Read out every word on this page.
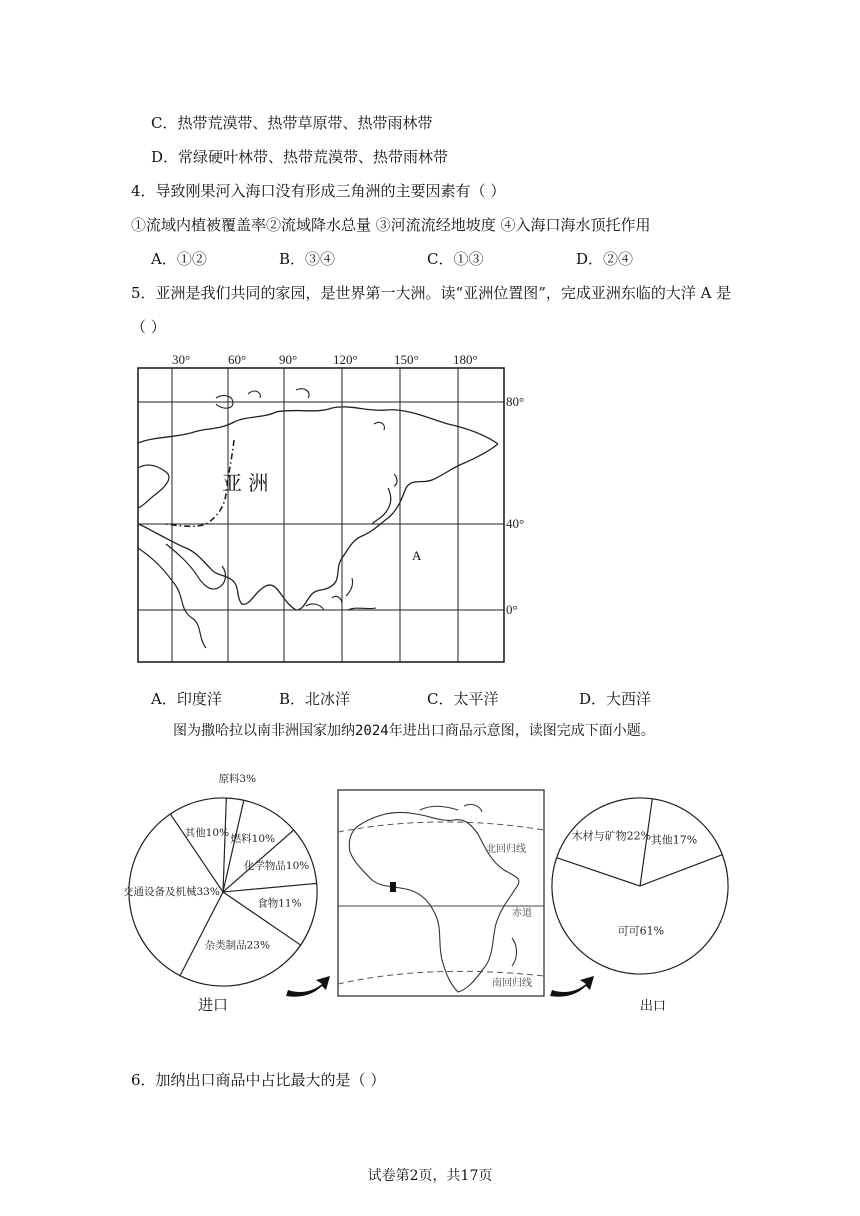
C．热带荒漠带、热带草原带、热带雨林带
D．常绿硬叶林带、热带荒漠带、热带雨林带
4．导致刚果河入海口没有形成三角洲的主要因素有（ ）
①流域内植被覆盖率②流域降水总量 ③河流流经地坡度 ④入海口海水顶托作用
A．①②	B．③④	C．①③	D．②④
5．亚洲是我们共同的家园，是世界第一大洲。读“亚洲位置图”，完成亚洲东临的大洋 A 是
（ ）
30°	60°	90°	120°	150°	180°
80°
40°
0°
亚 洲
A
A．印度洋	B．北冰洋	C．太平洋	D．大西洋
图为撒哈拉以南非洲国家加纳2024年进出口商品示意图，读图完成下面小题。
原料3%
燃料10%
化学物品10%
食物11%
杂类制品23%
交通设备及机械33%
其他10%
其他17%
可可61%
木材与矿物22%
北回归线
赤道
南回归线
进口	出口
6．加纳出口商品中占比最大的是（ ）
试卷第2页，共17页
